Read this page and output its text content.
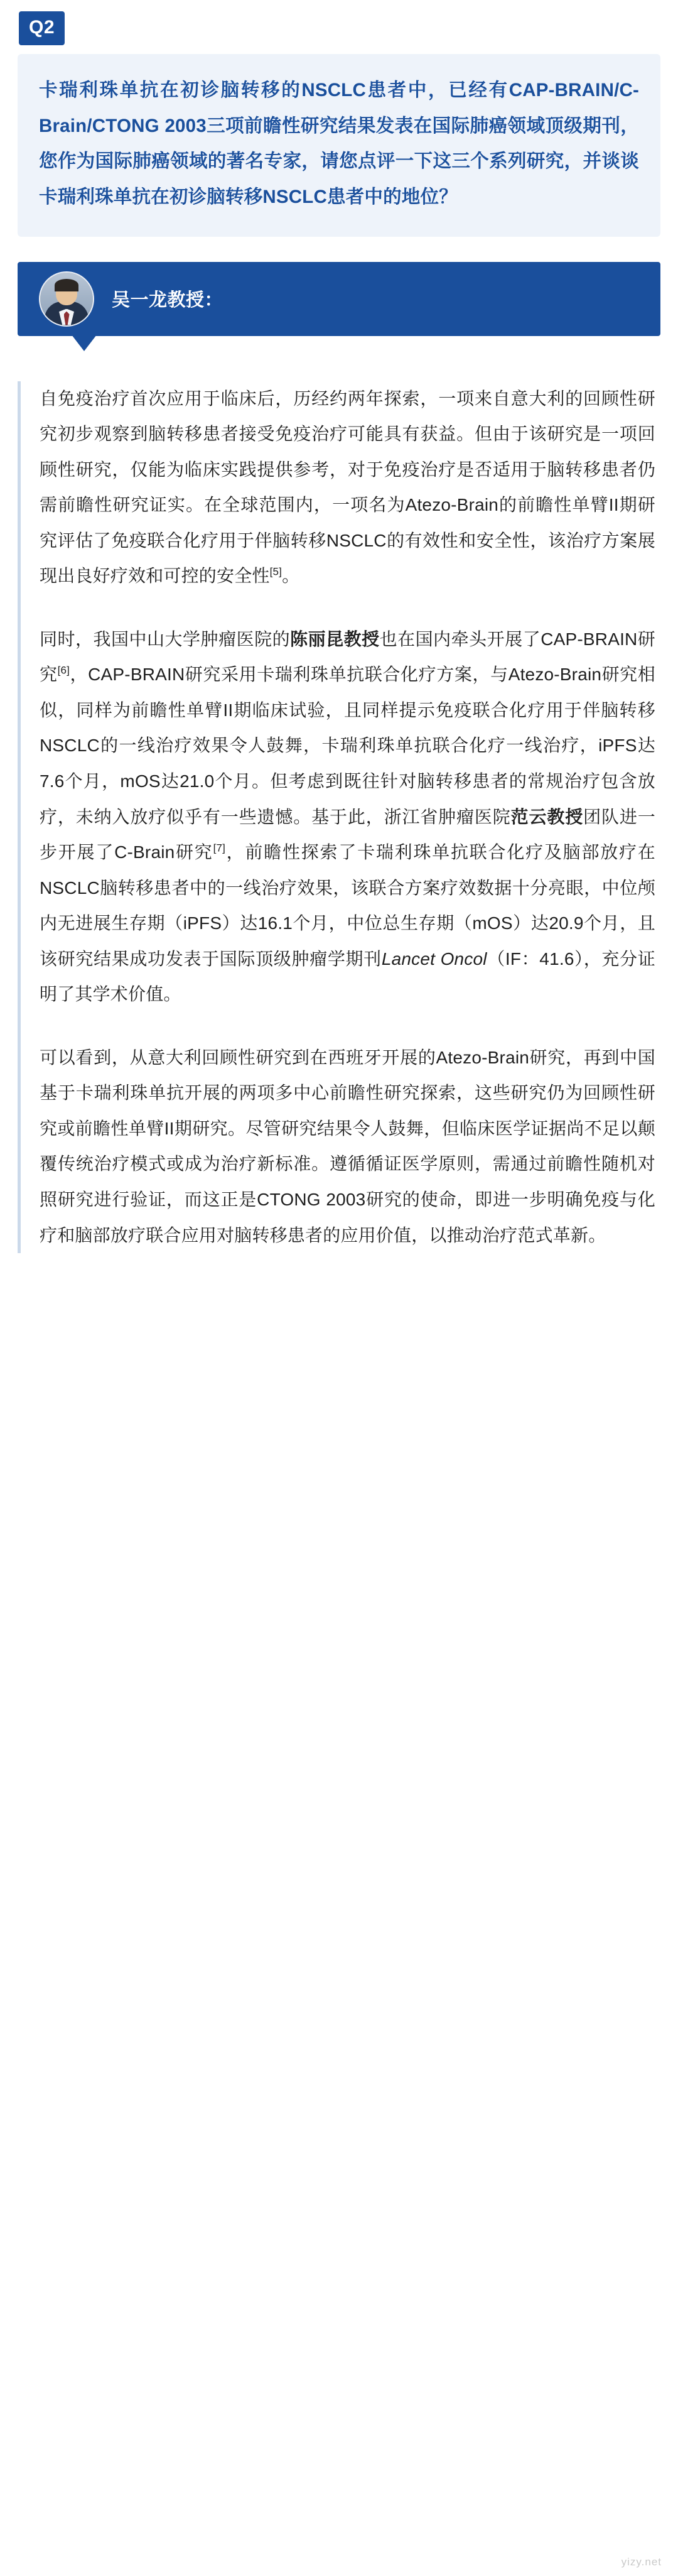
Q2

卡瑞利珠单抗在初诊脑转移的NSCLC患者中，已经有CAP-BRAIN/C-Brain/CTONG 2003三项前瞻性研究结果发表在国际肺癌领域顶级期刊，您作为国际肺癌领域的著名专家，请您点评一下这三个系列研究，并谈谈卡瑞利珠单抗在初诊脑转移NSCLC患者中的地位？

吴一龙教授：

自免疫治疗首次应用于临床后，历经约两年探索，一项来自意大利的回顾性研究初步观察到脑转移患者接受免疫治疗可能具有获益。但由于该研究是一项回顾性研究，仅能为临床实践提供参考，对于免疫治疗是否适用于脑转移患者仍需前瞻性研究证实。在全球范围内，一项名为Atezo-Brain的前瞻性单臂II期研究评估了免疫联合化疗用于伴脑转移NSCLC的有效性和安全性，该治疗方案展现出良好疗效和可控的安全性[5]。

同时，我国中山大学肿瘤医院的陈丽昆教授也在国内牵头开展了CAP-BRAIN研究[6]，CAP-BRAIN研究采用卡瑞利珠单抗联合化疗方案，与Atezo-Brain研究相似，同样为前瞻性单臂II期临床试验，且同样提示免疫联合化疗用于伴脑转移NSCLC的一线治疗效果令人鼓舞，卡瑞利珠单抗联合化疗一线治疗，iPFS达7.6个月，mOS达21.0个月。但考虑到既往针对脑转移患者的常规治疗包含放疗，未纳入放疗似乎有一些遗憾。基于此，浙江省肿瘤医院范云教授团队进一步开展了C-Brain研究[7]，前瞻性探索了卡瑞利珠单抗联合化疗及脑部放疗在NSCLC脑转移患者中的一线治疗效果，该联合方案疗效数据十分亮眼，中位颅内无进展生存期（iPFS）达16.1个月，中位总生存期（mOS）达20.9个月，且该研究结果成功发表于国际顶级肿瘤学期刊Lancet Oncol（IF：41.6），充分证明了其学术价值。

可以看到，从意大利回顾性研究到在西班牙开展的Atezo-Brain研究，再到中国基于卡瑞利珠单抗开展的两项多中心前瞻性研究探索，这些研究仍为回顾性研究或前瞻性单臂II期研究。尽管研究结果令人鼓舞，但临床医学证据尚不足以颠覆传统治疗模式或成为治疗新标准。遵循循证医学原则，需通过前瞻性随机对照研究进行验证，而这正是CTONG 2003研究的使命，即进一步明确免疫与化疗和脑部放疗联合应用对脑转移患者的应用价值，以推动治疗范式革新。

yizy.net
